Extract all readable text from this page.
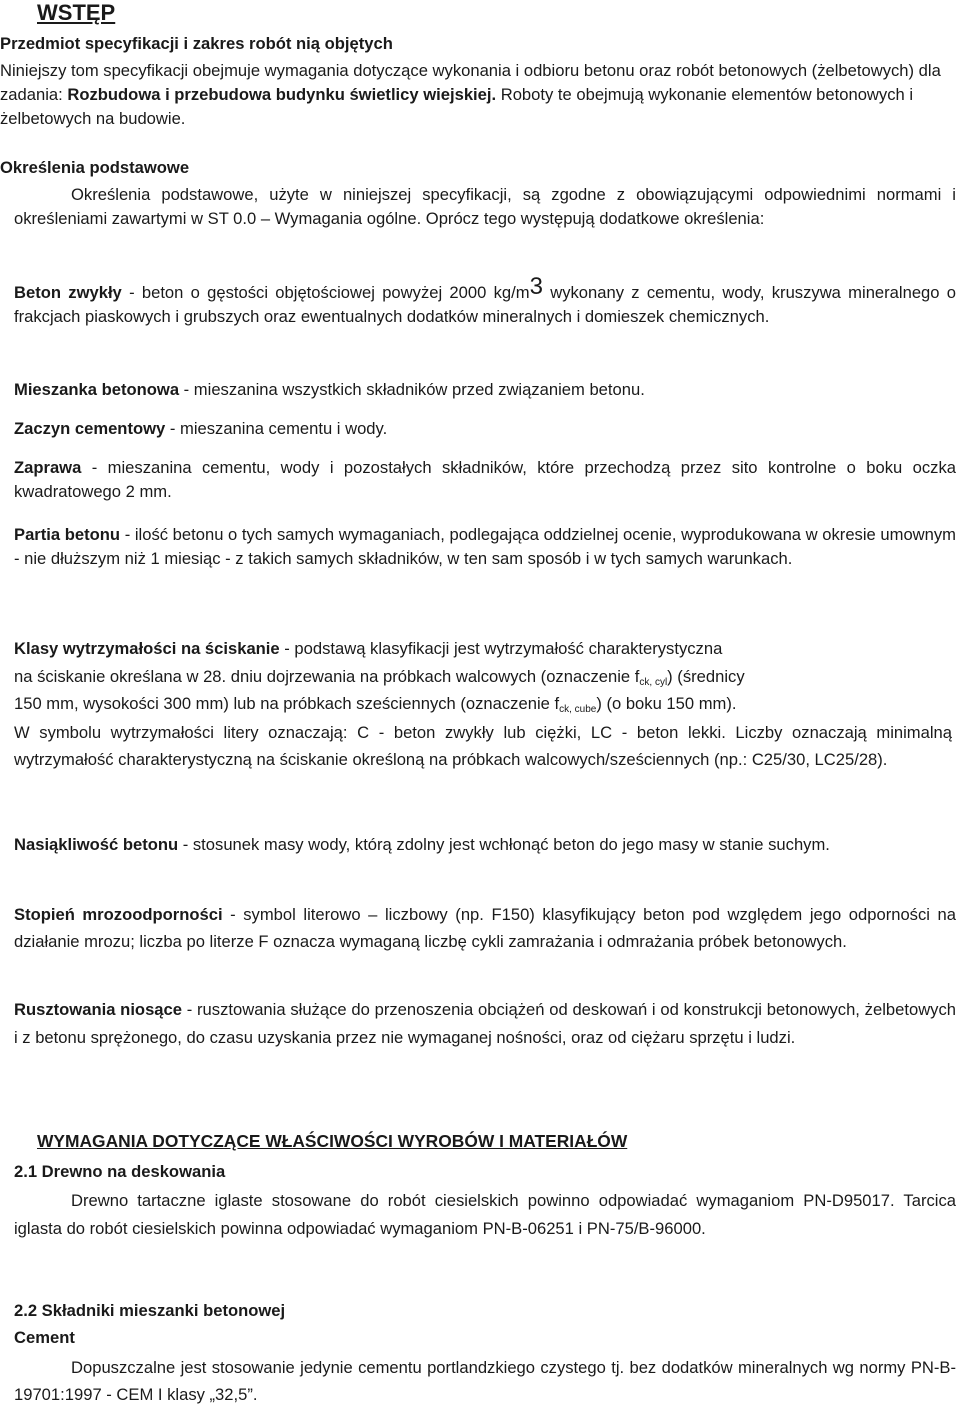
WSTĘP
Przedmiot specyfikacji i zakres robót nią objętych

Niniejszy tom specyfikacji obejmuje wymagania dotyczące wykonania i odbioru betonu oraz robót betonowych (żelbetowych) dla zadania: Rozbudowa i przebudowa budynku świetlicy wiejskiej. Roboty te obejmują wykonanie elementów betonowych i żelbetowych na budowie.

Określenia podstawowe

Określenia podstawowe, użyte w niniejszej specyfikacji, są zgodne z obowiązującymi odpowiednimi normami i określeniami zawartymi w ST 0.0 – Wymagania ogólne. Oprócz tego występują dodatkowe określenia:

Beton zwykły - beton o gęstości objętościowej powyżej 2000 kg/m3 wykonany z cementu, wody, kruszywa mineralnego o frakcjach piaskowych i grubszych oraz ewentualnych dodatków mineralnych i domieszek chemicznych.

Mieszanka betonowa - mieszanina wszystkich składników przed związaniem betonu.

Zaczyn cementowy - mieszanina cementu i wody.

Zaprawa - mieszanina cementu, wody i pozostałych składników, które przechodzą przez sito kontrolne o boku oczka kwadratowego 2 mm.

Partia betonu - ilość betonu o tych samych wymaganiach, podlegająca oddzielnej ocenie, wyprodukowana w okresie umownym - nie dłuższym niż 1 miesiąc - z takich samych składników, w ten sam sposób i w tych samych warunkach.

Klasy wytrzymałości na ściskanie - podstawą klasyfikacji jest wytrzymałość charakterystyczna
na ściskanie określana w 28. dniu dojrzewania na próbkach walcowych (oznaczenie $f_{ck, cyl}$) (średnicy
150 mm, wysokości 300 mm) lub na próbkach sześciennych (oznaczenie $f_{ck, cube}$) (o boku 150 mm).

W symbolu wytrzymałości litery oznaczają: C - beton zwykły lub ciężki, LC - beton lekki. Liczby oznaczają minimalną wytrzymałość charakterystyczną na ściskanie określoną na próbkach walcowych/sześciennych (np.: C25/30, LC25/28).

Nasiąkliwość betonu - stosunek masy wody, którą zdolny jest wchłonąć beton do jego masy w stanie suchym.

Stopień mrozoodporności - symbol literowo – liczbowy (np. F150) klasyfikujący beton pod względem jego odporności na działanie mrozu; liczba po literze F oznacza wymaganą liczbę cykli zamrażania i odmrażania próbek betonowych.

Rusztowania niosące - rusztowania służące do przenoszenia obciążeń od deskowań i od konstrukcji betonowych, żelbetowych i z betonu sprężonego, do czasu uzyskania przez nie wymaganej nośności, oraz od ciężaru sprzętu i ludzi.

WYMAGANIA DOTYCZĄCE WŁAŚCIWOŚCI WYROBÓW I MATERIAŁÓW
2.1 Drewno na deskowania

Drewno tartaczne iglaste stosowane do robót ciesielskich powinno odpowiadać wymaganiom PN-D95017. Tarcica iglasta do robót ciesielskich powinna odpowiadać wymaganiom PN-B-06251 i PN-75/B-96000.

2.2 Składniki mieszanki betonowej
Cement

Dopuszczalne jest stosowanie jedynie cementu portlandzkiego czystego tj. bez dodatków mineralnych wg normy PN-B-19701:1997 - CEM I klasy „32,5”.
